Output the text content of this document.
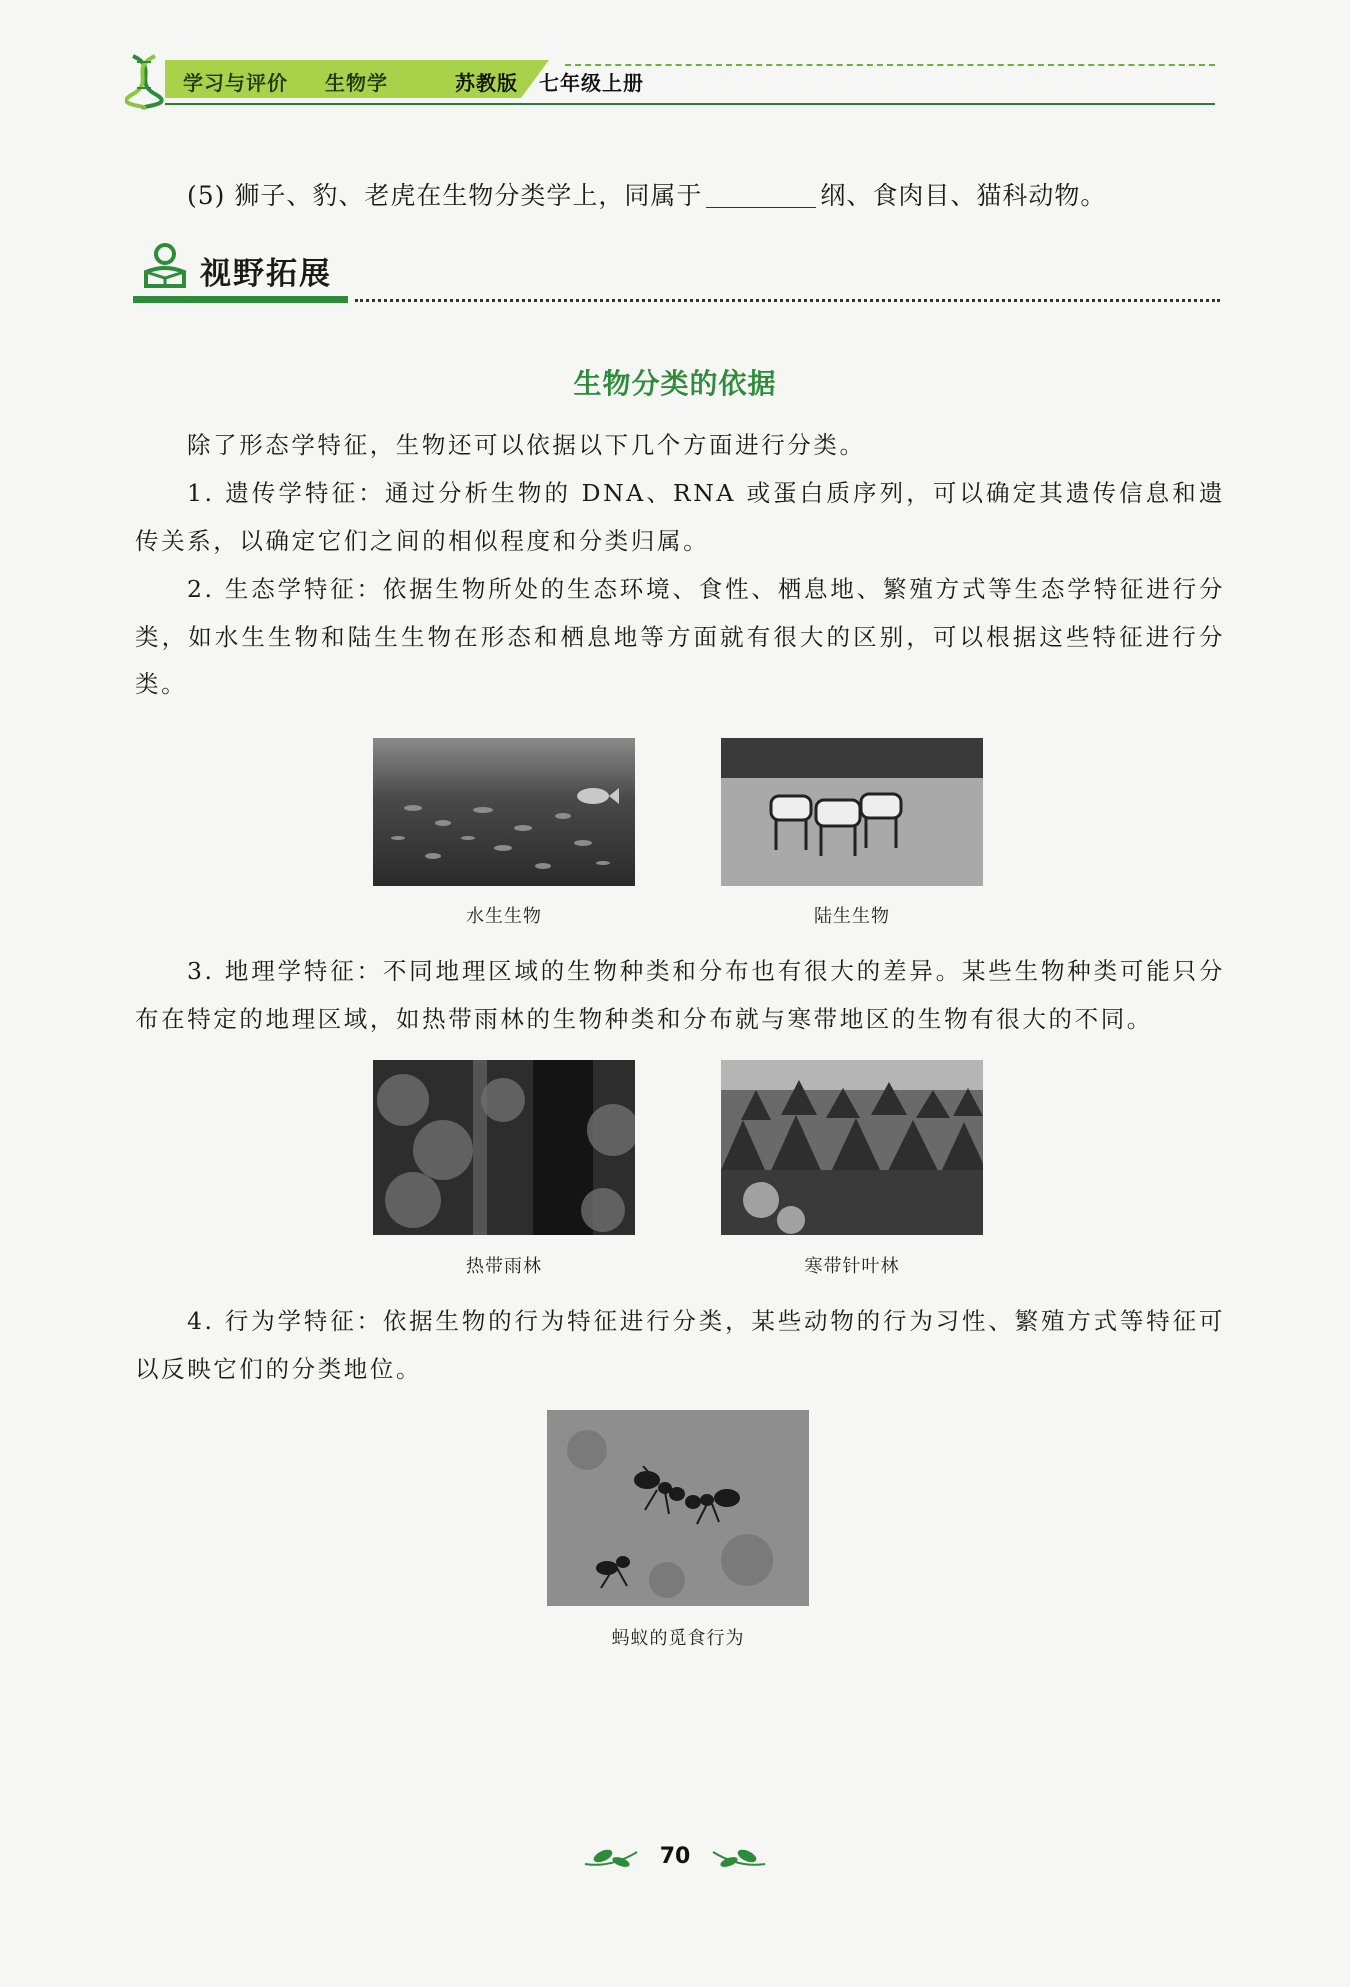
学习与评价 生物学	苏教版　七年级上册
(5) 狮子、豹、老虎在生物分类学上，同属于	纲、食肉目、猫科动物。
视野拓展
生物分类的依据
除了形态学特征，生物还可以依据以下几个方面进行分类。
1. 遗传学特征：通过分析生物的 DNA、RNA 或蛋白质序列，可以确定其遗传信息和遗传关系，以确定它们之间的相似程度和分类归属。
2. 生态学特征：依据生物所处的生态环境、食性、栖息地、繁殖方式等生态学特征进行分类，如水生生物和陆生生物在形态和栖息地等方面就有很大的区别，可以根据这些特征进行分类。
水生生物	陆生生物
3. 地理学特征：不同地理区域的生物种类和分布也有很大的差异。某些生物种类可能只分布在特定的地理区域，如热带雨林的生物种类和分布就与寒带地区的生物有很大的不同。
热带雨林	寒带针叶林
4. 行为学特征：依据生物的行为特征进行分类，某些动物的行为习性、繁殖方式等特征可以反映它们的分类地位。
蚂蚁的觅食行为
70
